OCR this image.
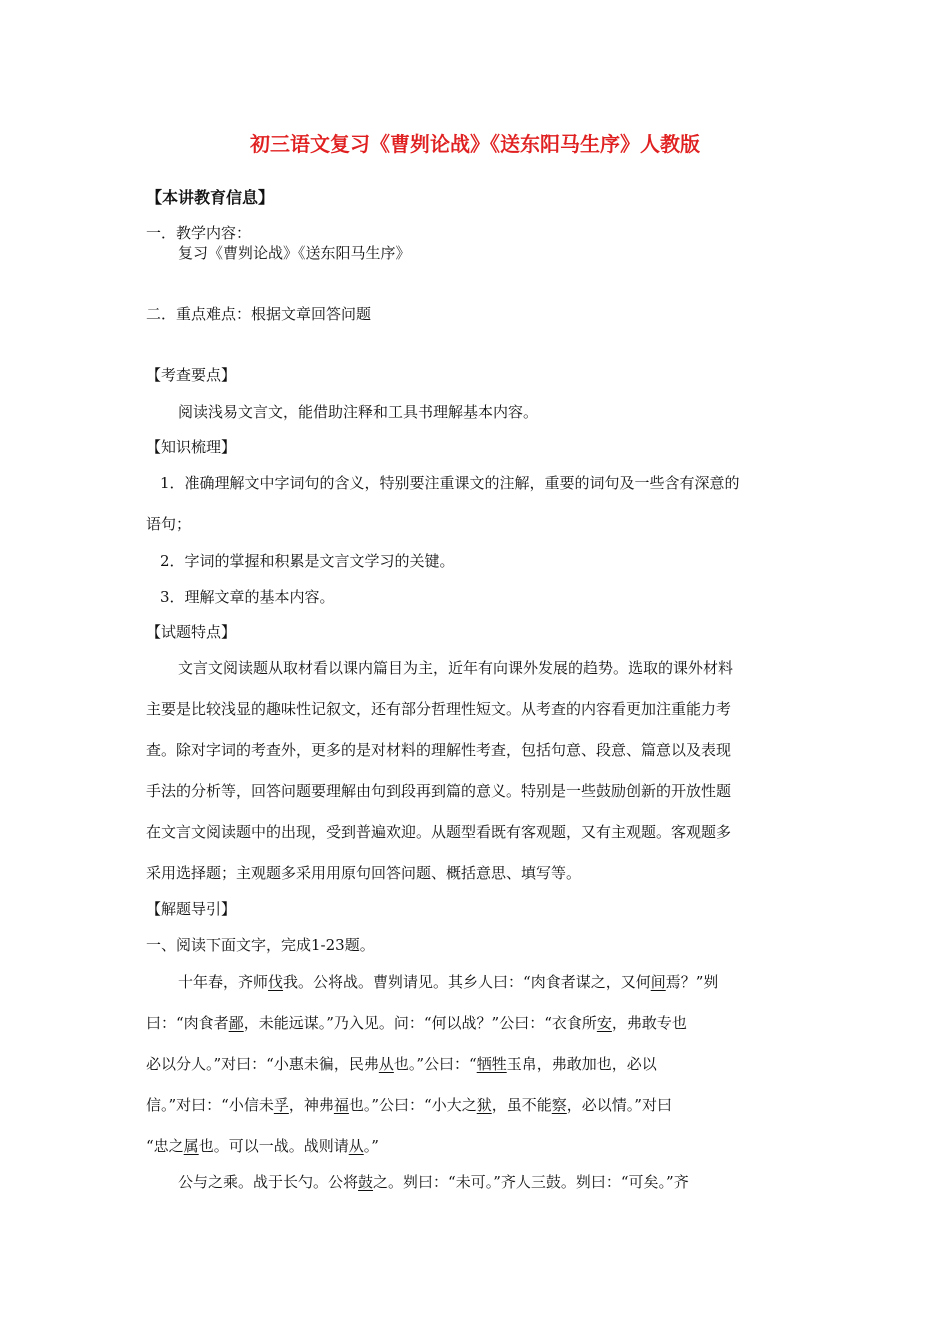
初三语文复习《曹刿论战》《送东阳马生序》人教版
【本讲教育信息】
一．教学内容：
复习《曹刿论战》《送东阳马生序》
二．重点难点：根据文章回答问题
【考查要点】
阅读浅易文言文，能借助注释和工具书理解基本内容。
【知识梳理】
1．准确理解文中字词句的含义，特别要注重课文的注解，重要的词句及一些含有深意的
语句；
2．字词的掌握和积累是文言文学习的关键。
3．理解文章的基本内容。
【试题特点】
文言文阅读题从取材看以课内篇目为主，近年有向课外发展的趋势。选取的课外材料
主要是比较浅显的趣味性记叙文，还有部分哲理性短文。从考查的内容看更加注重能力考
查。除对字词的考查外，更多的是对材料的理解性考查，包括句意、段意、篇意以及表现
手法的分析等，回答问题要理解由句到段再到篇的意义。特别是一些鼓励创新的开放性题
在文言文阅读题中的出现，受到普遍欢迎。从题型看既有客观题，又有主观题。客观题多
采用选择题；主观题多采用用原句回答问题、概括意思、填写等。
【解题导引】
一、阅读下面文字，完成1-23题。
十年春，齐师伐我。公将战。曹刿请见。其乡人曰：“肉食者谋之，又何间焉？”刿
曰：“肉食者鄙，未能远谋。”乃入见。问：“何以战？”公曰：“衣食所安，弗敢专也
必以分人。”对曰：“小惠未徧，民弗从也。”公曰：“牺牲玉帛，弗敢加也，必以
信。”对曰：“小信未孚，神弗福也。”公曰：“小大之狱，虽不能察，必以情。”对曰
“忠之属也。可以一战。战则请从。”
公与之乘。战于长勺。公将鼓之。刿曰：“未可。”齐人三鼓。刿曰：“可矣。”齐
